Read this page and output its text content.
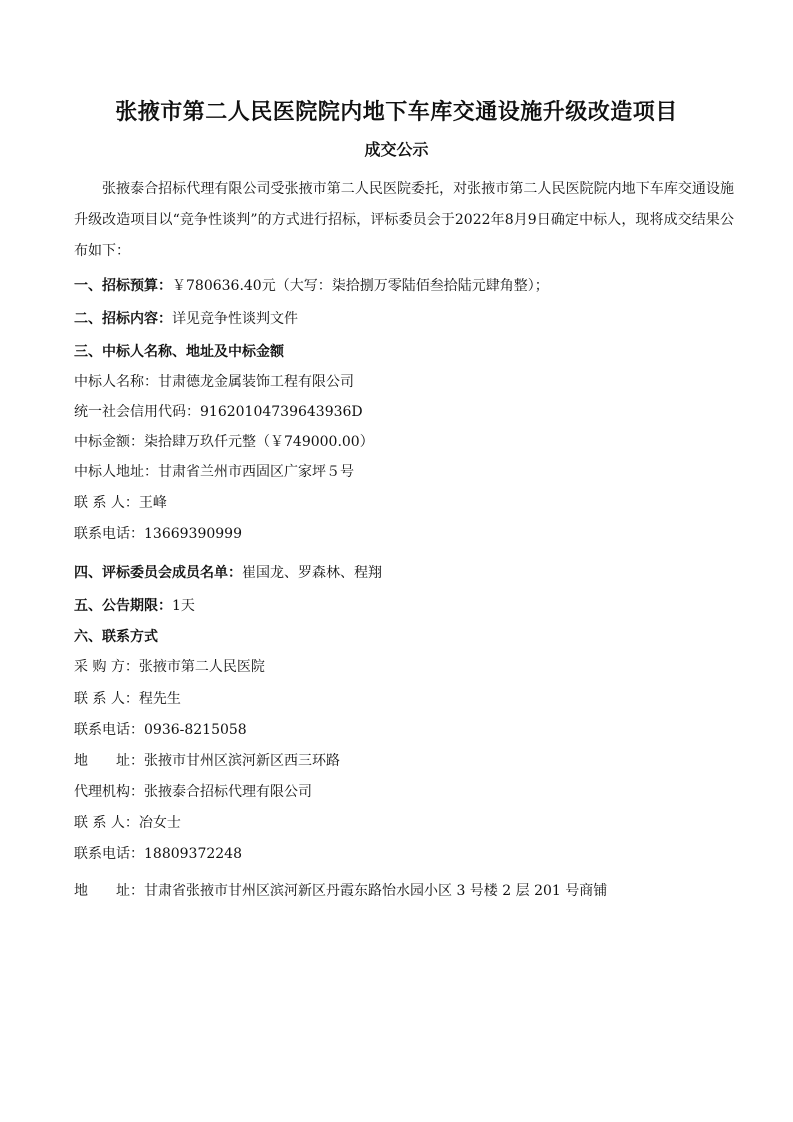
张掖市第二人民医院院内地下车库交通设施升级改造项目
成交公示
张掖泰合招标代理有限公司受张掖市第二人民医院委托，对张掖市第二人民医院院内地下车库交通设施升级改造项目以“竞争性谈判”的方式进行招标，评标委员会于2022年8月9日确定中标人，现将成交结果公布如下：
一、招标预算：￥780636.40元（大写：柒拾捌万零陆佰叁拾陆元肆角整）；
二、招标内容：详见竞争性谈判文件
三、中标人名称、地址及中标金额
中标人名称：甘肃德龙金属装饰工程有限公司
统一社会信用代码：91620104739643936D
中标金额：柒拾肆万玖仟元整（￥749000.00）
中标人地址：甘肃省兰州市西固区广家坪５号
联 系 人：王峰
联系电话：13669390999
四、评标委员会成员名单：崔国龙、罗森林、程翔
五、公告期限：1天
六、联系方式
采 购 方：张掖市第二人民医院
联 系 人：程先生
联系电话：0936-8215058
地　　址：张掖市甘州区滨河新区西三环路
代理机构：张掖泰合招标代理有限公司
联 系 人：冶女士
联系电话：18809372248
地　　址：甘肃省张掖市甘州区滨河新区丹霞东路怡水园小区 3 号楼 2 层 201 号商铺
